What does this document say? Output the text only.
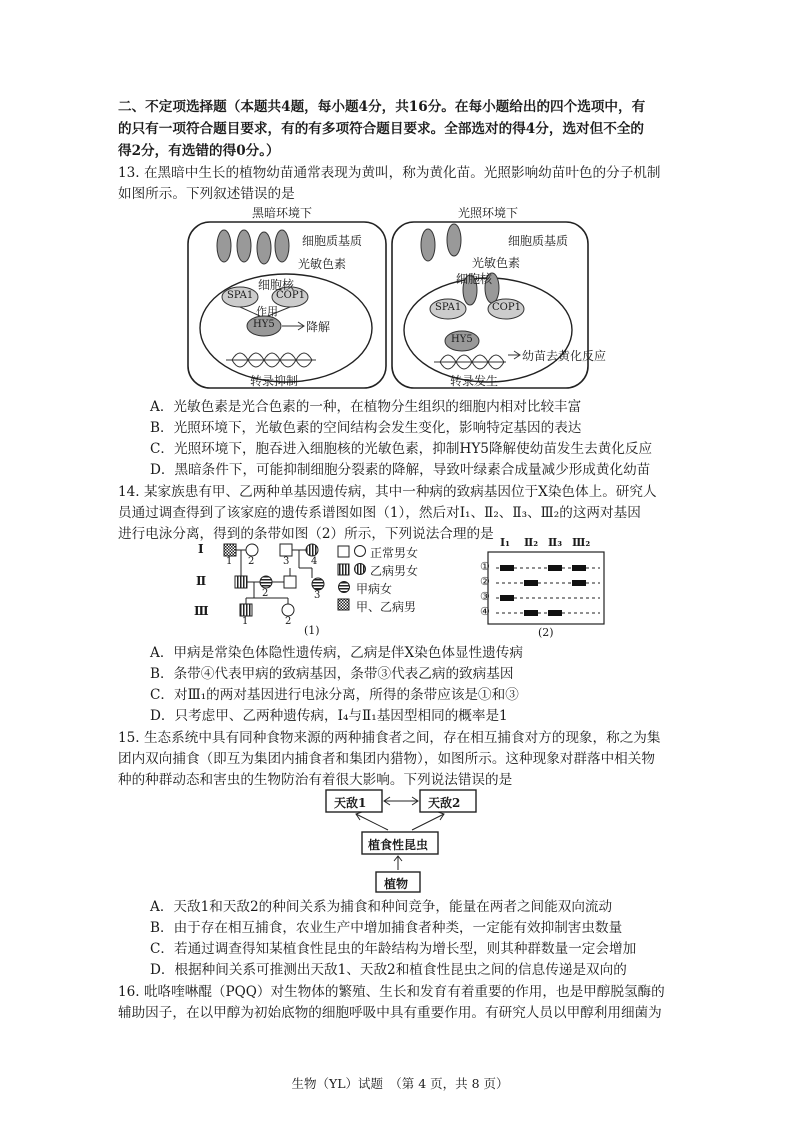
二、不定项选择题（本题共4题，每小题4分，共16分。在每小题给出的四个选项中，有
的只有一项符合题目要求，有的有多项符合题目要求。全部选对的得4分，选对但不全的
得2分，有选错的得0分。）
13. 在黑暗中生长的植物幼苗通常表现为黄叫，称为黄化苗。光照影响幼苗叶色的分子机制
如图所示。下列叙述错误的是
黑暗环境下	光照环境下
细胞质基质	细胞质基质
光敏色素	光敏色素
细胞核	细胞核
SPA1 COP1
作用
HY5	降解
转录抑制
SPA1	COP1
HY5
转录发生
幼苗去黄化反应
A．光敏色素是光合色素的一种，在植物分生组织的细胞内相对比较丰富
B．光照环境下，光敏色素的空间结构会发生变化，影响特定基因的表达
C．光照环境下，胞吞进入细胞核的光敏色素，抑制HY5降解使幼苗发生去黄化反应
D．黑暗条件下，可能抑制细胞分裂素的降解，导致叶绿素合成量减少形成黄化幼苗
14. 某家族患有甲、乙两种单基因遗传病，其中一种病的致病基因位于X染色体上。研究人
员通过调查得到了该家庭的遗传系谱图如图（1），然后对Ⅰ₁、Ⅱ₂、Ⅱ₃、Ⅲ₂的这两对基因
进行电泳分离，得到的条带如图（2）所示，下列说法合理的是
Ⅰ
Ⅱ
Ⅲ
1 2	3 4
2	3
1	2
正常男女
乙病男女
甲病女
甲、乙病男
(1)
Ⅰ₁ Ⅱ₂ Ⅱ₃ Ⅲ₂
①
②
③
④
(2)
A．甲病是常染色体隐性遗传病，乙病是伴X染色体显性遗传病
B．条带④代表甲病的致病基因，条带③代表乙病的致病基因
C．对Ⅲ₁的两对基因进行电泳分离，所得的条带应该是①和③
D．只考虑甲、乙两种遗传病，Ⅰ₄与Ⅱ₁基因型相同的概率是1
15. 生态系统中具有同种食物来源的两种捕食者之间，存在相互捕食对方的现象，称之为集
团内双向捕食（即互为集团内捕食者和集团内猎物），如图所示。这种现象对群落中相关物
种的种群动态和害虫的生物防治有着很大影响。下列说法错误的是
天敌1	天敌2
植食性昆虫
植物
A．天敌1和天敌2的种间关系为捕食和种间竞争，能量在两者之间能双向流动
B．由于存在相互捕食，农业生产中增加捕食者种类，一定能有效抑制害虫数量
C．若通过调查得知某植食性昆虫的年龄结构为增长型，则其种群数量一定会增加
D．根据种间关系可推测出天敌1、天敌2和植食性昆虫之间的信息传递是双向的
16. 吡咯喹啉醌（PQQ）对生物体的繁殖、生长和发育有着重要的作用，也是甲醇脱氢酶的
辅助因子，在以甲醇为初始底物的细胞呼吸中具有重要作用。有研究人员以甲醇利用细菌为
生物（YL）试题　（第 4 页，共 8 页）
